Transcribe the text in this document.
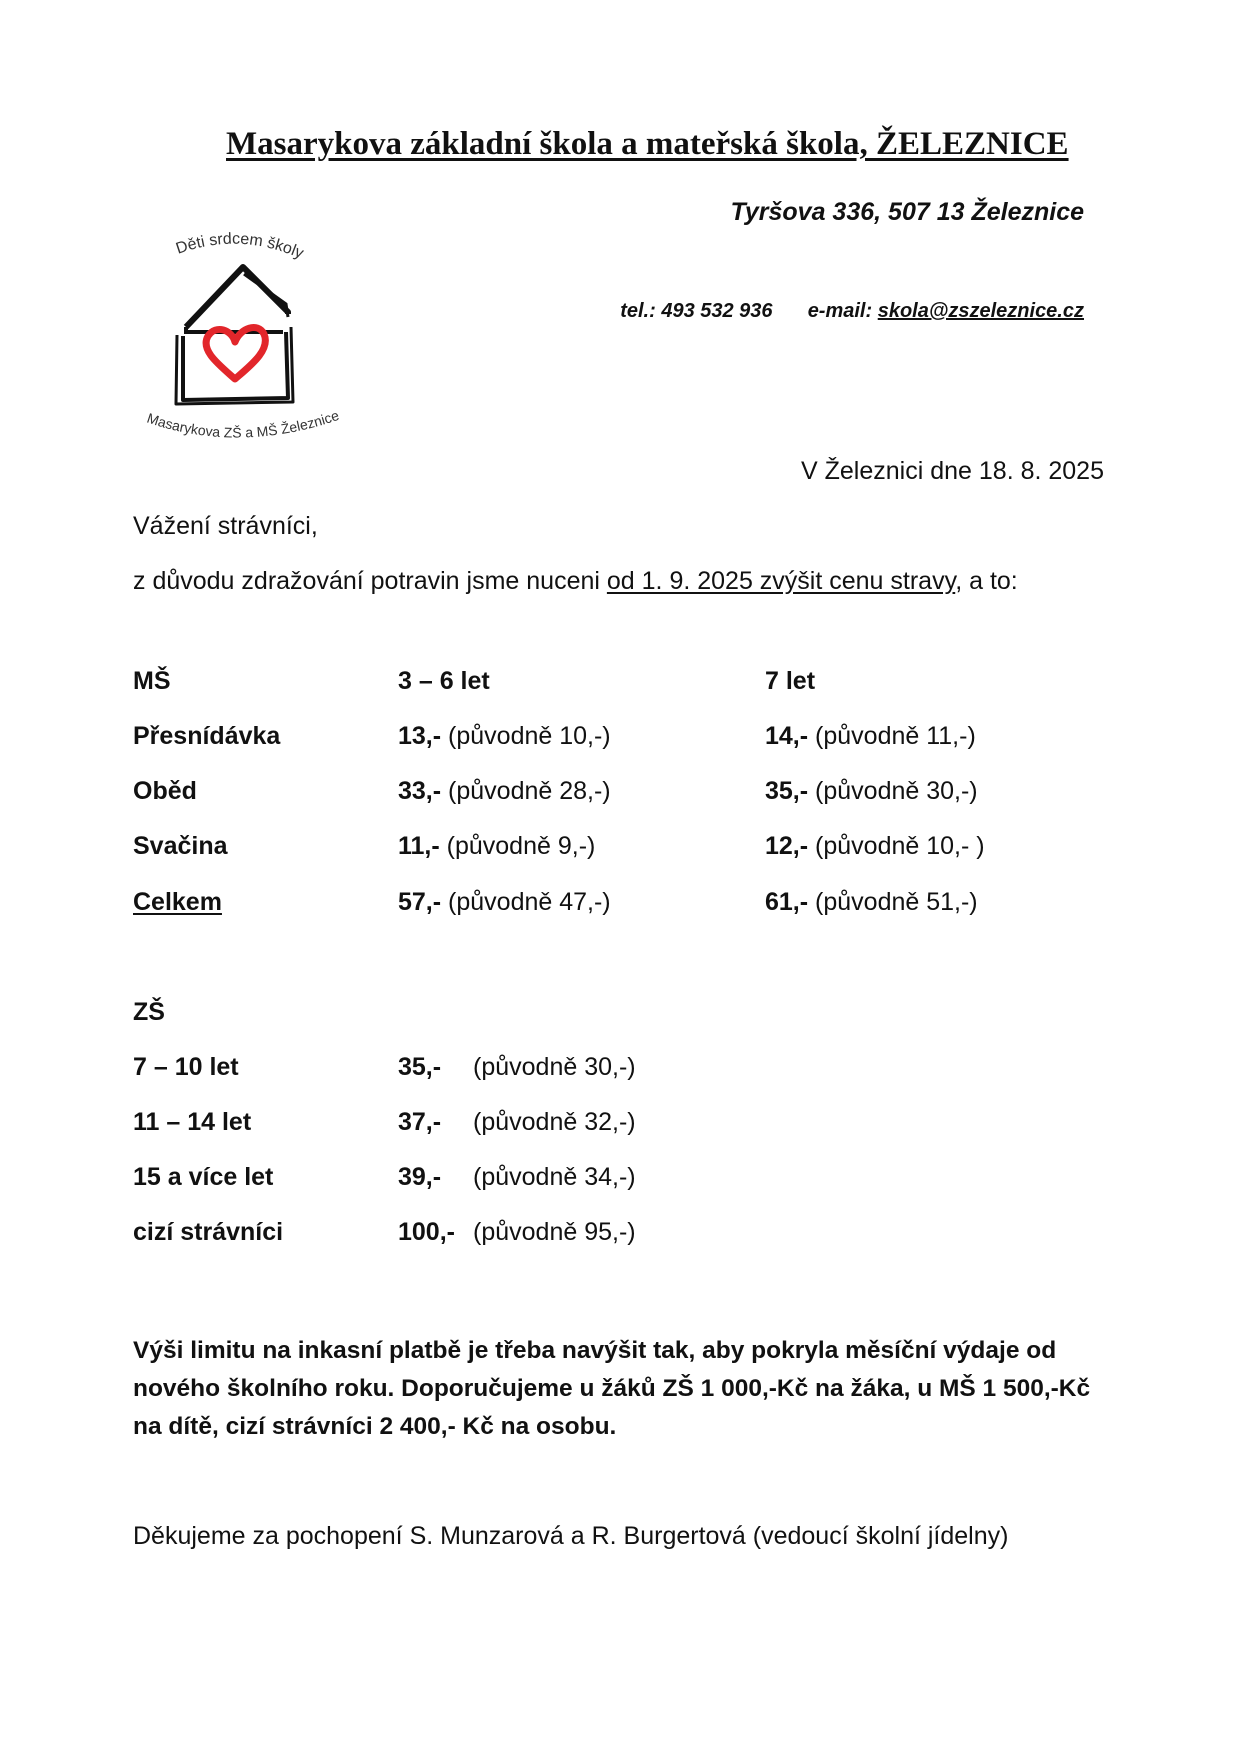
Masarykova základní škola a mateřská škola, ŽELEZNICE
Tyršova 336, 507 13 Železnice
tel.: 493 532 936 e-mail: skola@zszeleznice.cz
Děti srdcem školy
Masarykova ZŠ a MŠ Železnice
V Železnici dne 18. 8. 2025
Vážení strávníci,
z důvodu zdražování potravin jsme nuceni od 1. 9. 2025 zvýšit cenu stravy, a to:
MŠ	3 – 6 let	7 let
Přesnídávka	13,- (původně 10,-)	14,- (původně 11,-)
Oběd	33,- (původně 28,-)	35,- (původně 30,-)
Svačina	11,- (původně 9,-)	12,- (původně 10,- )
Celkem	57,- (původně 47,-)	61,- (původně 51,-)
ZŠ
7 – 10 let	35,- (původně 30,-)
11 – 14 let	37,- (původně 32,-)
15 a více let	39,- (původně 34,-)
cizí strávníci	100,- (původně 95,-)
Výši limitu na inkasní platbě je třeba navýšit tak, aby pokryla měsíční výdaje od nového školního roku. Doporučujeme u žáků ZŠ 1 000,-Kč na žáka, u MŠ 1 500,-Kč na dítě, cizí strávníci 2 400,- Kč na osobu.
Děkujeme za pochopení S. Munzarová a R. Burgertová (vedoucí školní jídelny)
